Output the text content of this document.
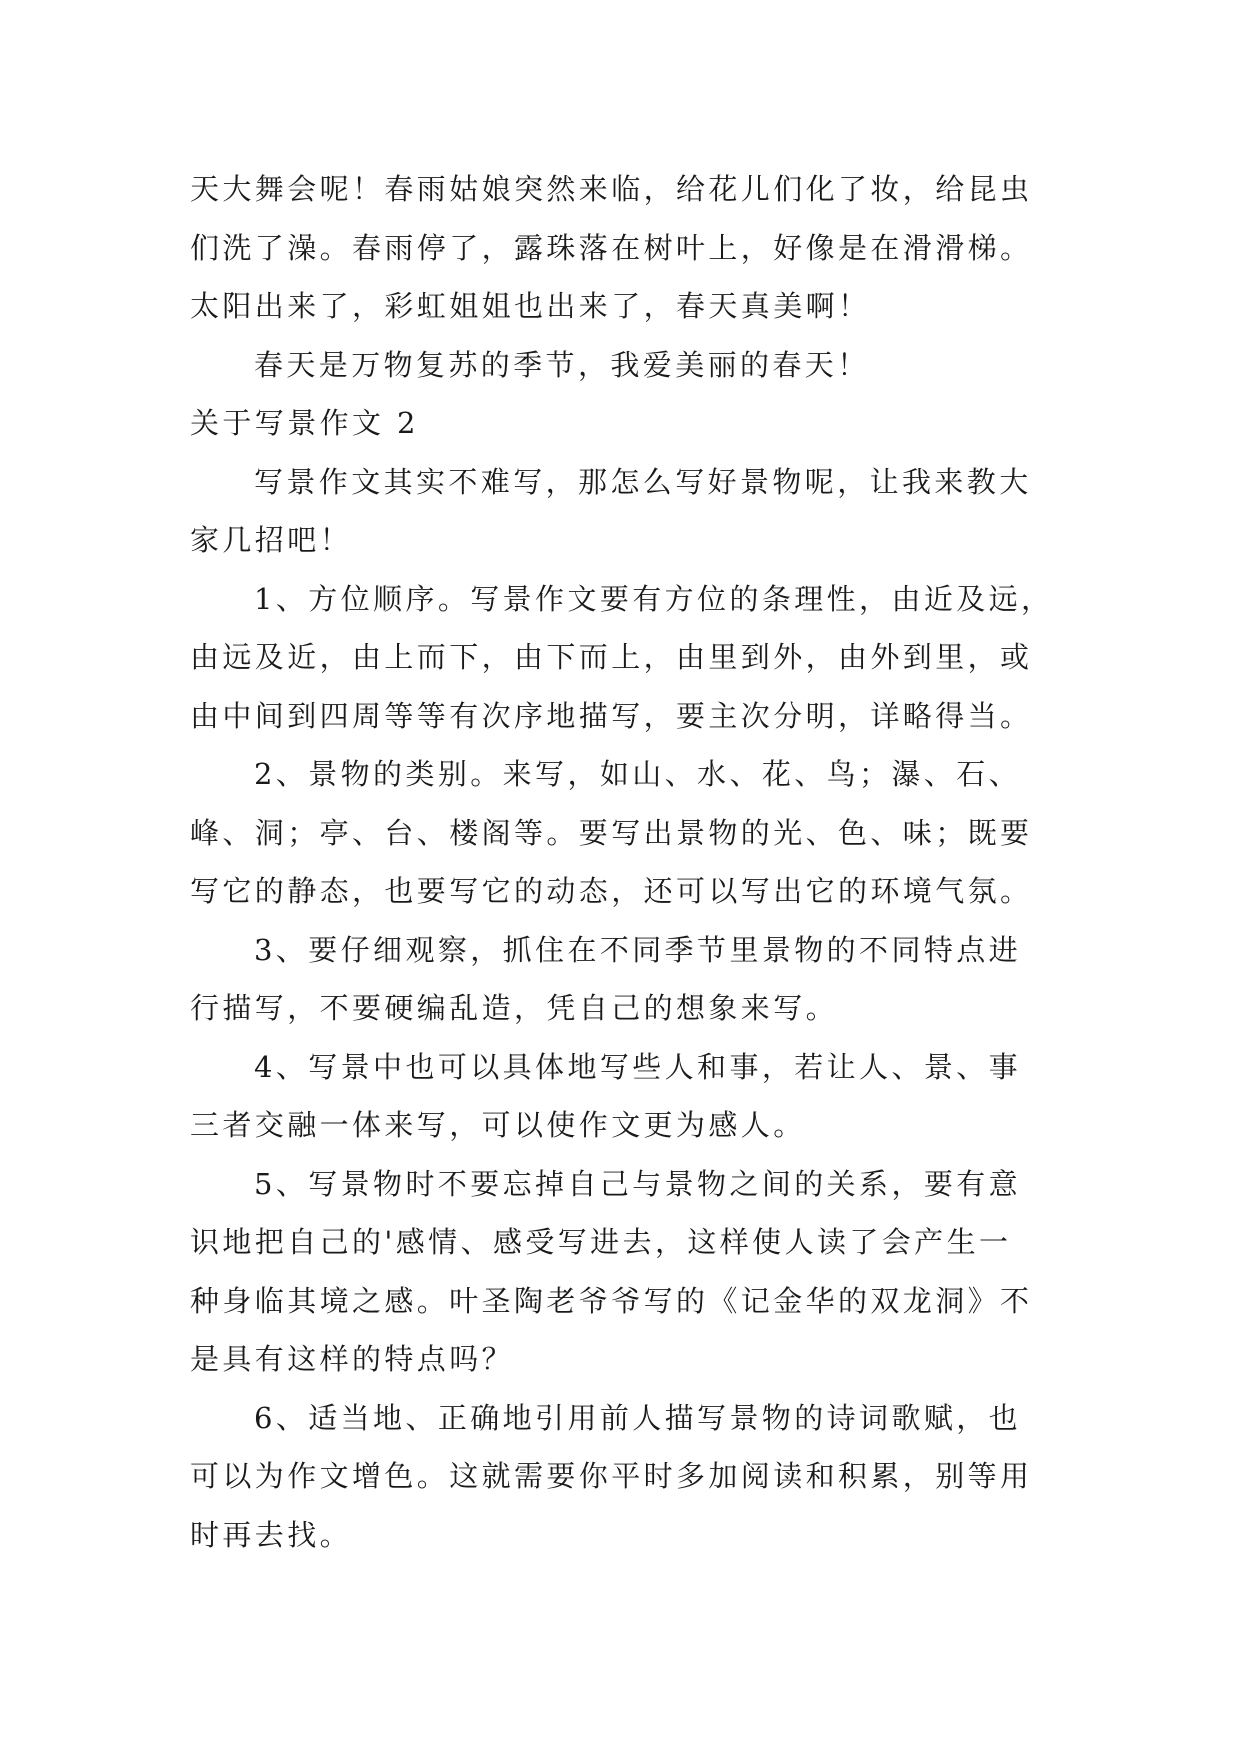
天大舞会呢！春雨姑娘突然来临，给花儿们化了妆，给昆虫
们洗了澡。春雨停了，露珠落在树叶上，好像是在滑滑梯。
太阳出来了，彩虹姐姐也出来了，春天真美啊！
春天是万物复苏的季节，我爱美丽的春天！
关于写景作文 2
写景作文其实不难写，那怎么写好景物呢，让我来教大
家几招吧！
1、方位顺序。写景作文要有方位的条理性，由近及远，
由远及近，由上而下，由下而上，由里到外，由外到里，或
由中间到四周等等有次序地描写，要主次分明，详略得当。
2、景物的类别。来写，如山、水、花、鸟；瀑、石、
峰、洞；亭、台、楼阁等。要写出景物的光、色、味；既要
写它的静态，也要写它的动态，还可以写出它的环境气氛。
3、要仔细观察，抓住在不同季节里景物的不同特点进
行描写，不要硬编乱造，凭自己的想象来写。
4、写景中也可以具体地写些人和事，若让人、景、事
三者交融一体来写，可以使作文更为感人。
5、写景物时不要忘掉自己与景物之间的关系，要有意
识地把自己的'感情、感受写进去，这样使人读了会产生一
种身临其境之感。叶圣陶老爷爷写的《记金华的双龙洞》不
是具有这样的特点吗？
6、适当地、正确地引用前人描写景物的诗词歌赋，也
可以为作文增色。这就需要你平时多加阅读和积累，别等用
时再去找。
